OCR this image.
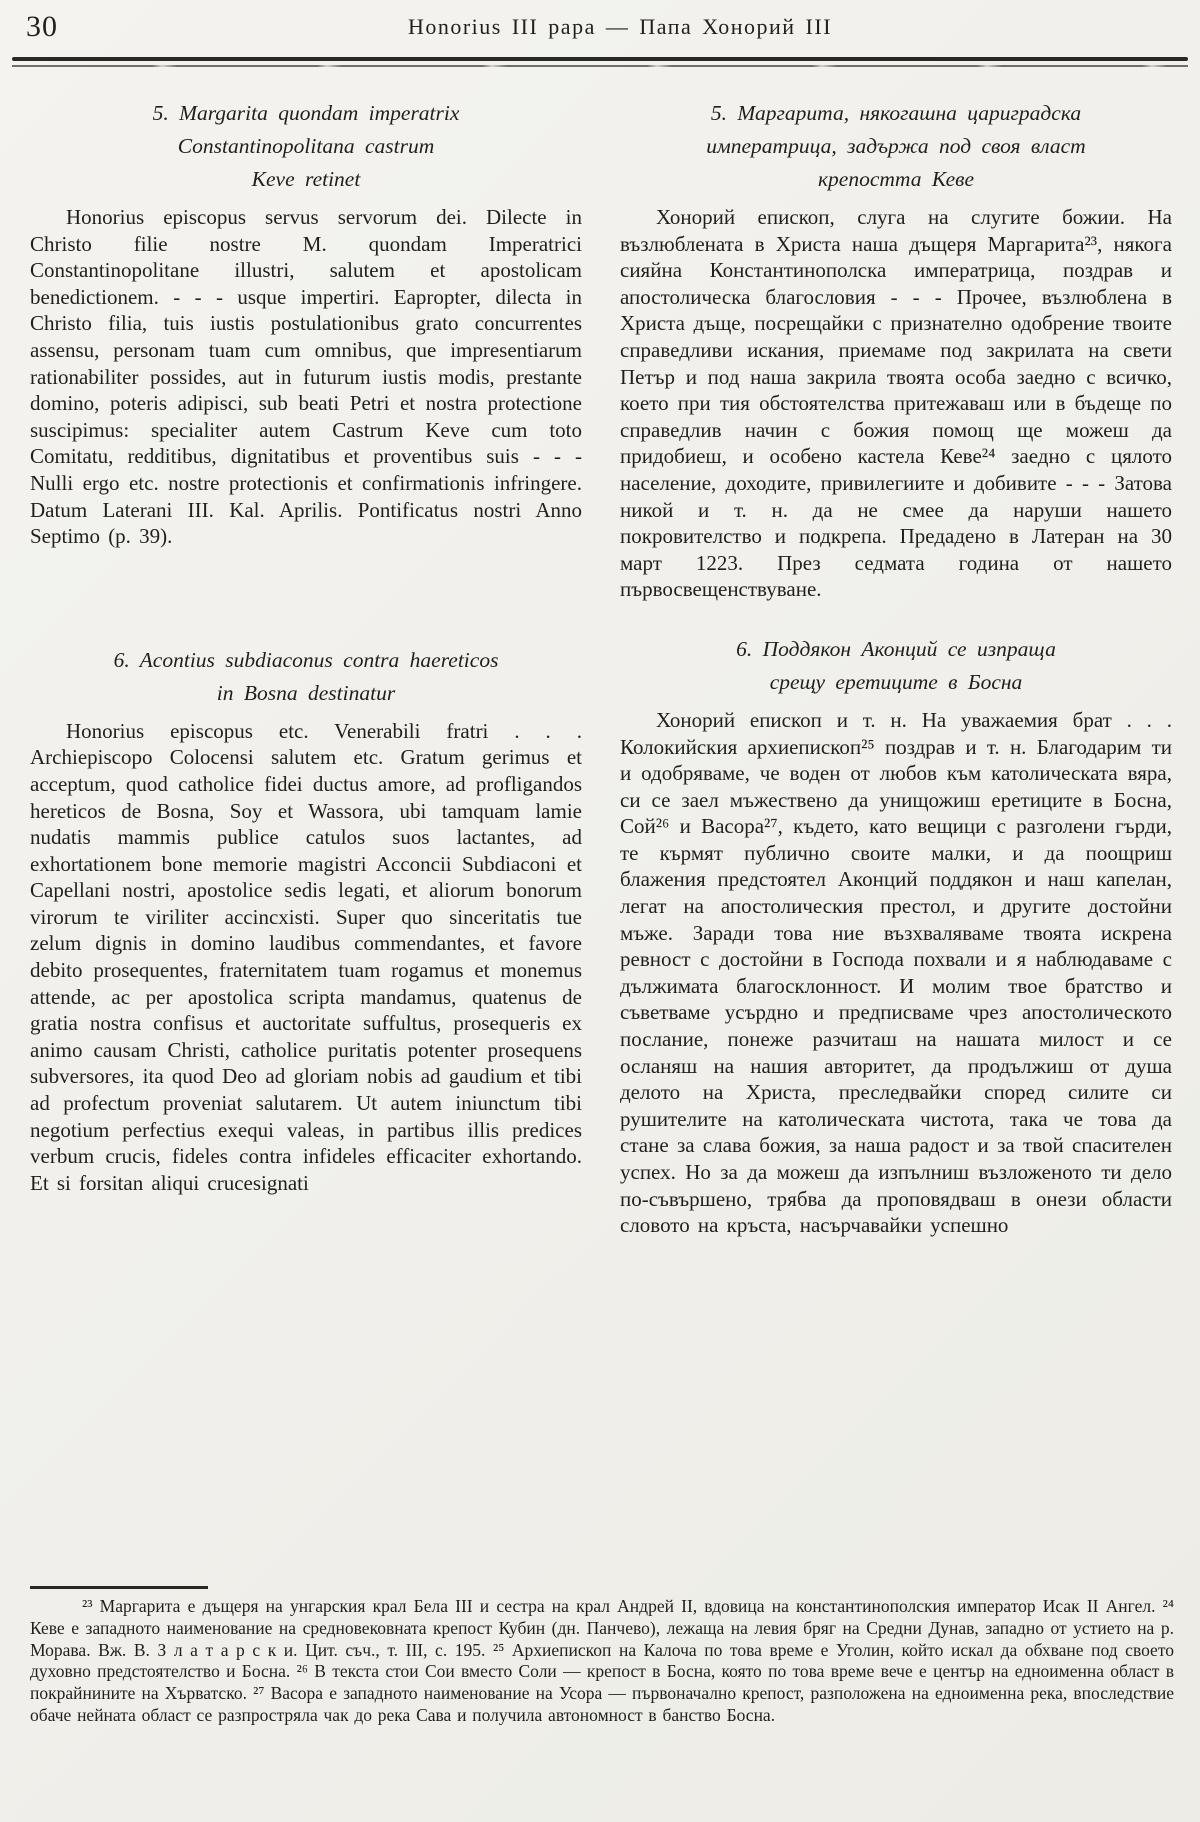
30	Honorius III papa — Папа Хонорий III
5. Margarita quondam imperatrix
Constantinopolitana castrum
Keve retinet

Honorius episcopus servus servorum dei. Dilecte in Christo filie nostre M. quondam Imperatrici Constantinopolitane illustri, salutem et apostolicam benedictionem. - - - usque impertiri. Eapropter, dilecta in Christo filia, tuis iustis postulationibus grato concurrentes assensu, personam tuam cum omnibus, que impresentiarum rationabiliter possides, aut in futurum iustis modis, prestante domino, poteris adipisci, sub beati Petri et nostra protectione suscipimus: specialiter autem Castrum Keve cum toto Comitatu, redditibus, dignitatibus et proventibus suis - - - Nulli ergo etc. nostre protectionis et confirmationis infringere. Datum Laterani III. Kal. Aprilis. Pontificatus nostri Anno Septimo (p. 39).

6. Acontius subdiaconus contra haereticos
in Bosna destinatur

Honorius episcopus etc. Venerabili fratri . . . Archiepiscopo Colocensi salutem etc. Gratum gerimus et acceptum, quod catholice fidei ductus amore, ad profligandos hereticos de Bosna, Soy et Wassora, ubi tamquam lamie nudatis mammis publice catulos suos lactantes, ad exhortationem bone memorie magistri Acconcii Subdiaconi et Capellani nostri, apostolice sedis legati, et aliorum bonorum virorum te viriliter accincxisti. Super quo sinceritatis tue zelum dignis in domino laudibus commendantes, et favore debito prosequentes, fraternitatem tuam rogamus et monemus attende, ac per apostolica scripta mandamus, quatenus de gratia nostra confisus et auctoritate suffultus, prosequeris ex animo causam Christi, catholice puritatis potenter prosequens subversores, ita quod Deo ad gloriam nobis ad gaudium et tibi ad profectum proveniat salutarem. Ut autem iniunctum tibi negotium perfectius exequi valeas, in partibus illis predices verbum crucis, fideles contra infideles efficaciter exhortando. Et si forsitan aliqui crucesignati

5. Маргарита, някогашна цариградска
императрица, задържа под своя власт
крепостта Кеве

Хонорий епископ, слуга на слугите божии. На възлюблената в Христа наша дъщеря Маргарита²³, някога сияйна Константинополска императрица, поздрав и апостолическа благословия - - - Прочее, възлюблена в Христа дъще, посрещайки с признателно одобрение твоите справедливи искания, приемаме под закрилата на свети Петър и под наша закрила твоята особа заедно с всичко, което при тия обстоятелства притежаваш или в бъдеще по справедлив начин с божия помощ ще можеш да придобиеш, и особено кастела Кеве²⁴ заедно с цялото население, доходите, привилегиите и добивите - - - Затова никой и т. н. да не смее да наруши нашето покровителство и подкрепа. Предадено в Латеран на 30 март 1223. През седмата година от нашето първосвещенствуване.

6. Поддякон Аконций се изпраща
срещу еретиците в Босна

Хонорий епископ и т. н. На уважаемия брат . . . Колокийския архиепископ²⁵ поздрав и т. н. Благодарим ти и одобряваме, че воден от любов към католическата вяра, си се заел мъжествено да унищожиш еретиците в Босна, Сой²⁶ и Васора²⁷, където, като вещици с разголени гърди, те кърмят публично своите малки, и да поощриш блажения предстоятел Аконций поддякон и наш капелан, легат на апостолическия престол, и другите достойни мъже. Заради това ние възхваляваме твоята искрена ревност с достойни в Господа похвали и я наблюдаваме с дължимата благосклонност. И молим твое братство и съветваме усърдно и предписваме чрез апостолическото послание, понеже разчиташ на нашата милост и се осланяш на нашия авторитет, да продължиш от душа делото на Христа, преследвайки според силите си рушителите на католическата чистота, така че това да стане за слава божия, за наша радост и за твой спасителен успех. Но за да можеш да изпълниш възложеното ти дело по-съвършено, трябва да проповядваш в онези области словото на кръста, насърчавайки успешно

²³ Маргарита е дъщеря на унгарския крал Бела III и сестра на крал Андрей II, вдовица на константинополския император Исак II Ангел. ²⁴ Кеве е западното наименование на средновековната крепост Кубин (дн. Панчево), лежаща на левия бряг на Средни Дунав, западно от устието на р. Морава. Вж. В. З л а т а р с к и. Цит. съч., т. III, с. 195. ²⁵ Архиепископ на Калоча по това време е Уголин, който искал да обхване под своето духовно предстоятелство и Босна. ²⁶ В текста стои Сои вместо Соли — крепост в Босна, която по това време вече е център на едноименна област в покрайнините на Хърватско. ²⁷ Васора е западното наименование на Усора — първоначално крепост, разположена на едноименна река, впоследствие обаче нейната област се разпростряла чак до река Сава и получила автономност в банство Босна.
